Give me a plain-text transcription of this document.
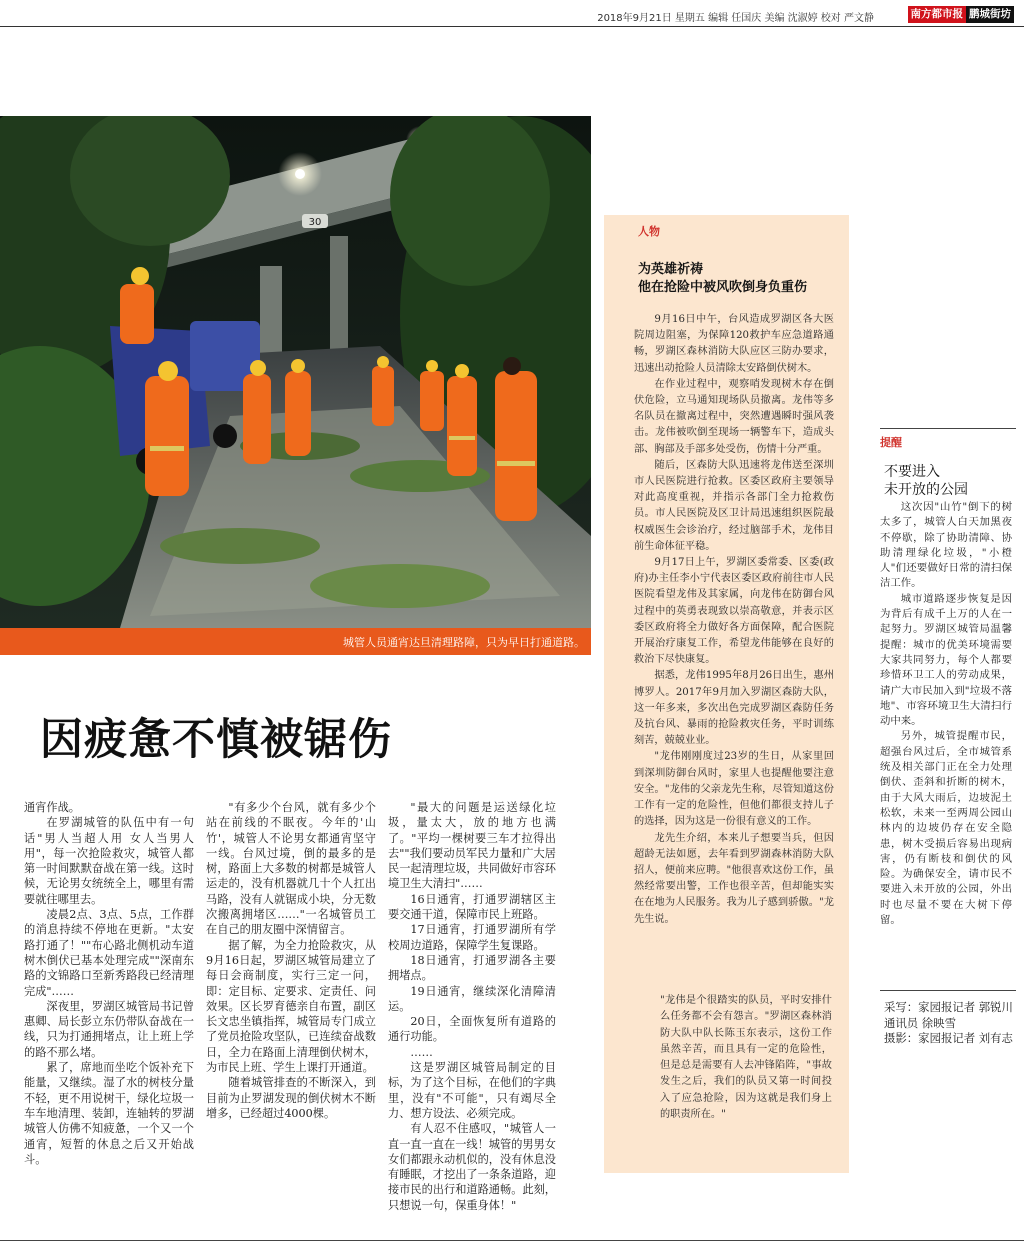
2018年9月21日 星期五 编辑 任国庆 美编 沈淑婷 校对 严文静	南方都市报 鹏城街坊
30
城管人员通宵达旦清理路障，只为早日打通道路。
因疲惫不慎被锯伤

通宵作战。

在罗湖城管的队伍中有一句话"男人当超人用 女人当男人用"，每一次抢险救灾，城管人都第一时间默默奋战在第一线。这时候，无论男女统统全上，哪里有需要就往哪里去。

凌晨2点、3点、5点，工作群的消息持续不停地在更新。"太安路打通了！""布心路北侧机动车道树木倒伏已基本处理完成""深南东路的文锦路口至新秀路段已经清理完成"……

深夜里，罗湖区城管局书记曾惠卿、局长彭立东仍带队奋战在一线，只为打通拥堵点，让上班上学的路不那么堵。

累了，席地而坐吃个饭补充下能量，又继续。湿了水的树枝分量不轻，更不用说树干，绿化垃圾一车车地清理、装卸，连轴转的罗湖城管人仿佛不知疲惫，一个又一个通宵，短暂的休息之后又开始战斗。

"有多少个台风，就有多少个站在前线的不眠夜。今年的'山竹'，城管人不论男女都通宵坚守一线。台风过境，倒的最多的是树，路面上大多数的树都是城管人运走的，没有机器就几十个人扛出马路，没有人就锯成小块，分无数次搬离拥堵区……"一名城管员工在自己的朋友圈中深情留言。

据了解，为全力抢险救灾，从9月16日起，罗湖区城管局建立了每日会商制度，实行三定一问，即：定目标、定要求、定责任、问效果。区长罗育德亲自布置，副区长文忠坐镇指挥，城管局专门成立了党员抢险攻坚队，已连续奋战数日，全力在路面上清理倒伏树木，为市民上班、学生上课打开通道。

随着城管排查的不断深入，到目前为止罗湖发现的倒伏树木不断增多，已经超过4000棵。

"最大的问题是运送绿化垃圾，量太大，放的地方也满了。"平均一棵树要三车才拉得出去""我们要动员军民力量和广大居民一起清理垃圾，共同做好市容环境卫生大清扫"……

16日通宵，打通罗湖辖区主要交通干道，保障市民上班路。

17日通宵，打通罗湖所有学校周边道路，保障学生复课路。

18日通宵，打通罗湖各主要拥堵点。

19日通宵，继续深化清障清运。

20日，全面恢复所有道路的通行功能。

……

这是罗湖区城管局制定的目标，为了这个目标，在他们的字典里，没有"不可能"，只有竭尽全力、想方设法、必须完成。

有人忍不住感叹，"城管人一直一直一直在一线！城管的男男女女们都跟永动机似的，没有休息没有睡眠，才挖出了一条条道路，迎接市民的出行和道路通畅。此刻，只想说一句，保重身体！"

人物
为英雄祈祷
他在抢险中被风吹倒身负重伤

9月16日中午，台风造成罗湖区各大医院周边阻塞，为保障120救护车应急道路通畅，罗湖区森林消防大队应区三防办要求，迅速出动抢险人员清除太安路倒伏树木。

在作业过程中，观察哨发现树木存在倒伏危险，立马通知现场队员撤离。龙伟等多名队员在撤离过程中，突然遭遇瞬时强风袭击。龙伟被吹倒至现场一辆警车下，造成头部、胸部及手部多处受伤，伤情十分严重。

随后，区森防大队迅速将龙伟送至深圳市人民医院进行抢救。区委区政府主要领导对此高度重视，并指示各部门全力抢救伤员。市人民医院及区卫计局迅速组织医院最权威医生会诊治疗，经过脑部手术，龙伟目前生命体征平稳。

9月17日上午，罗湖区委常委、区委(政府)办主任李小宁代表区委区政府前往市人民医院看望龙伟及其家属，向龙伟在防御台风过程中的英勇表现致以崇高敬意，并表示区委区政府将全力做好各方面保障，配合医院开展治疗康复工作，希望龙伟能够在良好的救治下尽快康复。

据悉，龙伟1995年8月26日出生，惠州博罗人。2017年9月加入罗湖区森防大队，这一年多来，多次出色完成罗湖区森防任务及抗台风、暴雨的抢险救灾任务，平时训练刻苦，兢兢业业。

"龙伟刚刚度过23岁的生日，从家里回到深圳防御台风时，家里人也提醒他要注意安全。"龙伟的父亲龙先生称，尽管知道这份工作有一定的危险性，但他们都很支持儿子的选择，因为这是一份很有意义的工作。

龙先生介绍，本来儿子想要当兵，但因超龄无法如愿，去年看到罗湖森林消防大队招人，便前来应聘。"他很喜欢这份工作，虽然经常要出警，工作也很辛苦，但却能实实在在地为人民服务。我为儿子感到骄傲。"龙先生说。

"龙伟是个很踏实的队员，平时安排什么任务都不会有怨言。"罗湖区森林消防大队中队长陈玉东表示，这份工作虽然辛苦，而且具有一定的危险性，但是总是需要有人去冲锋陷阵，"事故发生之后，我们的队员又第一时间投入了应急抢险，因为这就是我们身上的职责所在。"
提醒
不要进入
未开放的公园

这次因"山竹"倒下的树太多了，城管人白天加黑夜不停歇，除了协助清障、协助清理绿化垃圾，"小橙人"们还要做好日常的清扫保洁工作。

城市道路逐步恢复是因为背后有成千上万的人在一起努力。罗湖区城管局温馨提醒：城市的优美环境需要大家共同努力，每个人都要珍惜环卫工人的劳动成果，请广大市民加入到"垃圾不落地"、市容环境卫生大清扫行动中来。

另外，城管提醒市民，超强台风过后，全市城管系统及相关部门正在全力处理倒伏、歪斜和折断的树木，由于大风大雨后，边坡泥土松软，未来一至两周公园山林内的边坡仍存在安全隐患，树木受损后容易出现病害，仍有断枝和倒伏的风险。为确保安全，请市民不要进入未开放的公园，外出时也尽量不要在大树下停留。

采写：家园报记者 郭锐川 通讯员 徐映雪
摄影：家园报记者 刘有志
